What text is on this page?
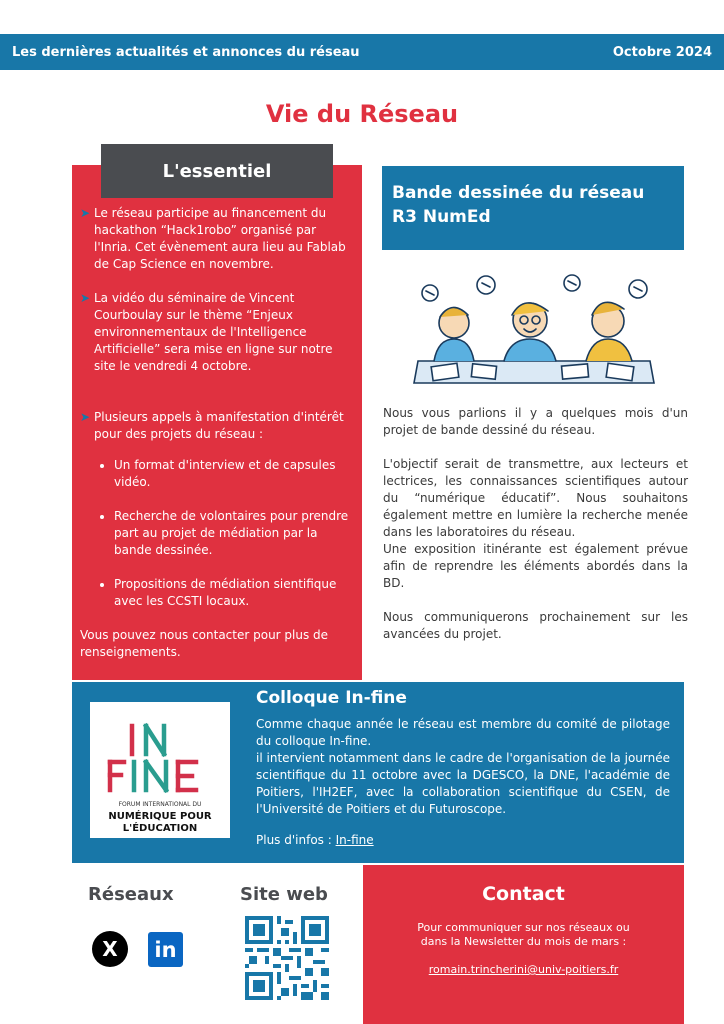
Les dernières actualités et annonces du réseau	Octobre 2024
Vie du Réseau
L'essentiel
➤ Le réseau participe au financement du hackathon “Hack1robo” organisé par l'Inria. Cet évènement aura lieu au Fablab de Cap Science en novembre.

➤ La vidéo du séminaire de Vincent Courboulay sur le thème “Enjeux environnementaux de l'Intelligence Artificielle” sera mise en ligne sur notre site le vendredi 4 octobre.

➤ Plusieurs appels à manifestation d'intérêt pour des projets du réseau :

• Un format d'interview et de capsules vidéo.
• Recherche de volontaires pour prendre part au projet de médiation par la bande dessinée.
• Propositions de médiation sientifique avec les CCSTI locaux.

Vous pouvez nous contacter pour plus de renseignements.

Bande dessinée du réseau R3 NumEd

Nous vous parlions il y a quelques mois d'un projet de bande dessiné du réseau.

L'objectif serait de transmettre, aux lecteurs et lectrices, les connaissances scientifiques autour du “numérique éducatif”. Nous souhaitons également mettre en lumière la recherche menée dans les laboratoires du réseau.

Une exposition itinérante est également prévue afin de reprendre les éléments abordés dans la BD.

Nous communiquerons prochainement sur les avancées du projet.

FORUM INTERNATIONAL DU
NUMÉRIQUE POUR
L'ÉDUCATION
Colloque In-fine

Comme chaque année le réseau est membre du comité de pilotage du colloque In-fine.

il intervient notamment dans le cadre de l'organisation de la journée scientifique du 11 octobre avec la DGESCO, la DNE, l'académie de Poitiers, l'IH2EF, avec la collaboration scientifique du CSEN, de l'Université de Poitiers et du Futuroscope.

Plus d'infos : In-fine
Réseaux	Site web
X	in
Contact

Pour communiquer sur nos réseaux ou
dans la Newsletter du mois de mars :

romain.trincherini@univ-poitiers.fr
